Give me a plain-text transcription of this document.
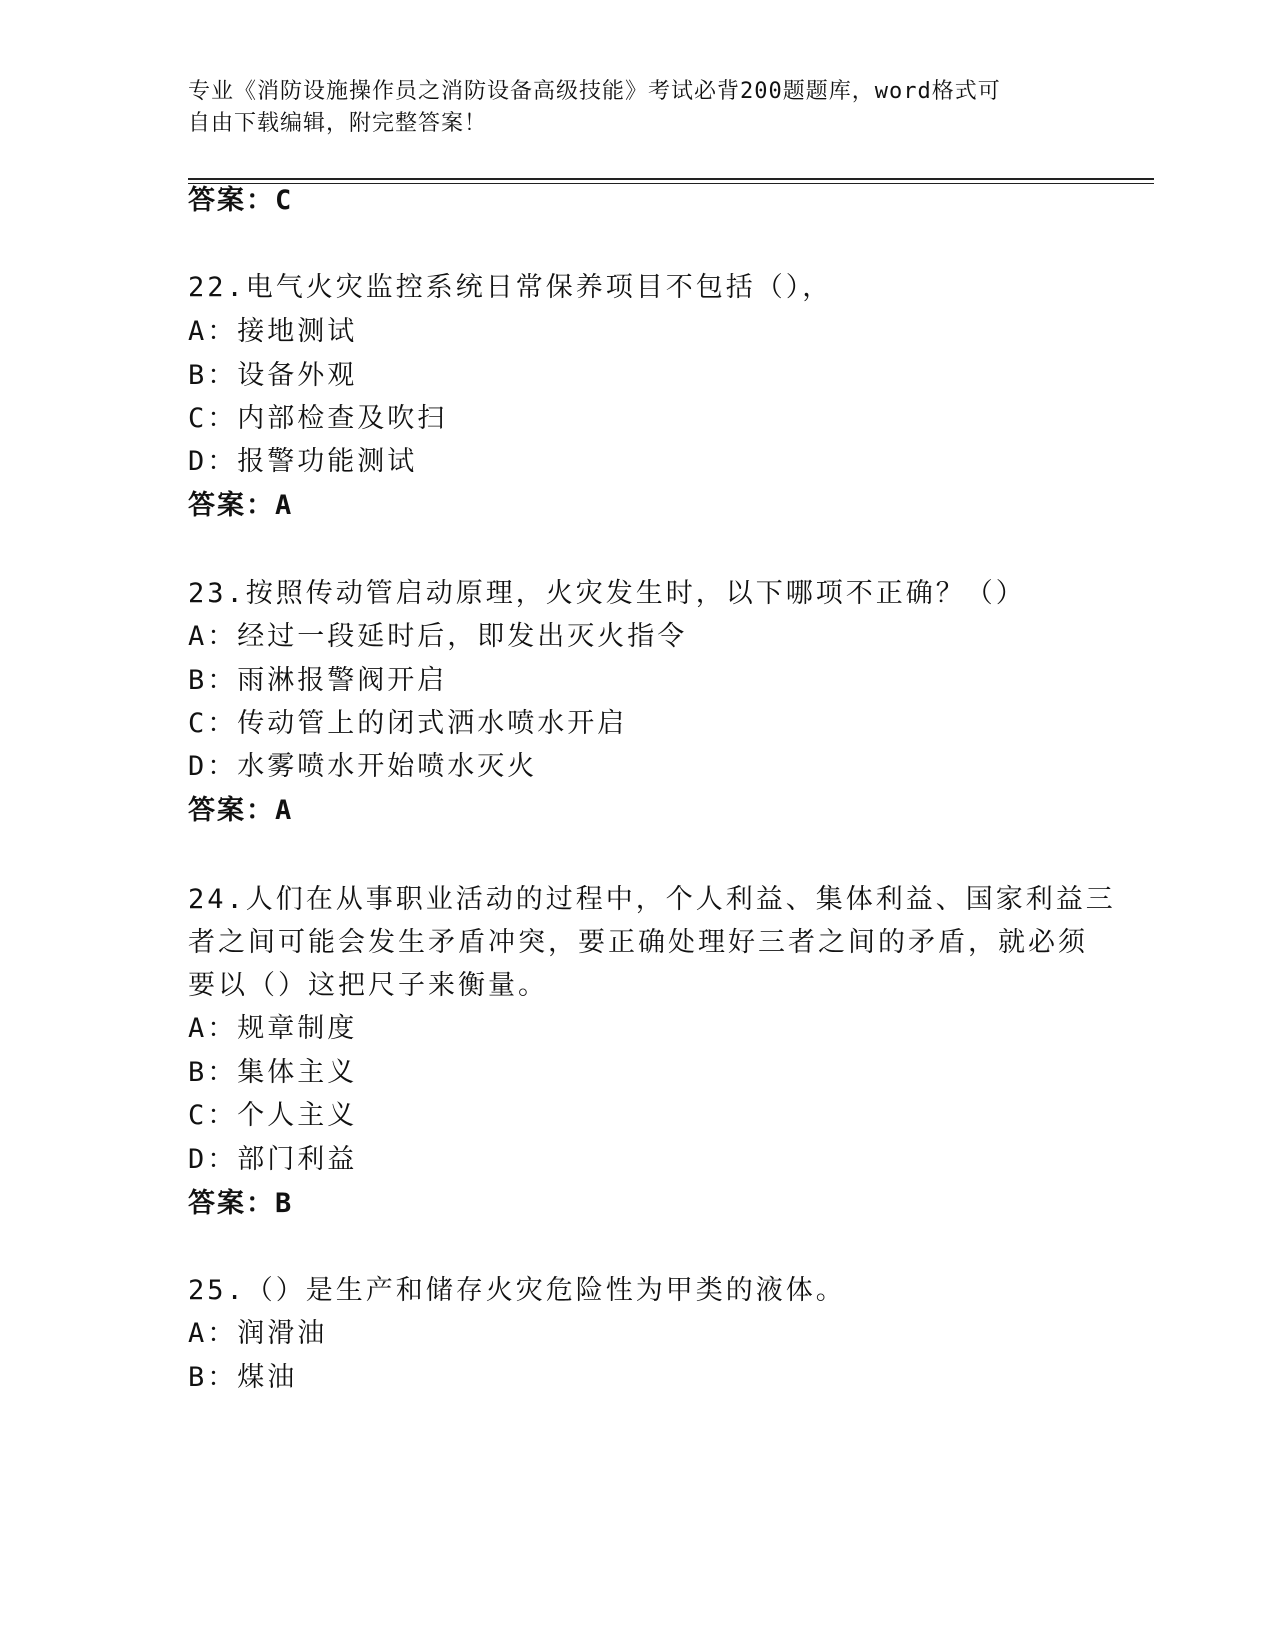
专业《消防设施操作员之消防设备高级技能》考试必背200题题库，word格式可
自由下载编辑，附完整答案！
答案：C
22.电气火灾监控系统日常保养项目不包括（），
A：接地测试
B：设备外观
C：内部检查及吹扫
D：报警功能测试
答案：A
23.按照传动管启动原理，火灾发生时，以下哪项不正确？（）
A：经过一段延时后，即发出灭火指令
B：雨淋报警阀开启
C：传动管上的闭式洒水喷水开启
D：水雾喷水开始喷水灭火
答案：A
24.人们在从事职业活动的过程中，个人利益、集体利益、国家利益三
者之间可能会发生矛盾冲突，要正确处理好三者之间的矛盾，就必须
要以（）这把尺子来衡量。
A：规章制度
B：集体主义
C：个人主义
D：部门利益
答案：B
25.（）是生产和储存火灾危险性为甲类的液体。
A：润滑油
B：煤油
